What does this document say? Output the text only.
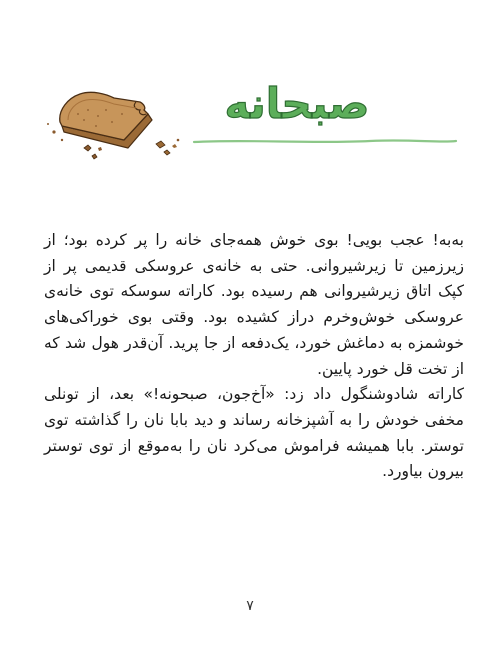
صبحانه

به‌به! عجب بویی! بوی خوش همه‌جای خانه را پر کرده بود؛ از زیرزمین تا زیرشیروانی. حتی به خانه‌ی عروسکی قدیمی پر از کپک اتاق زیرشیروانی هم رسیده بود. کاراته سوسکه توی خانه‌ی عروسکی خوش‌وخرم دراز کشیده بود. وقتی بوی خوراکی‌های خوشمزه به دماغش خورد، یک‌دفعه از جا پرید. آن‌قدر هول شد که از تخت قل خورد پایین.

کاراته شادوشنگول داد زد: «آخ‌جون، صبحونه!» بعد، از تونلی مخفی خودش را به آشپزخانه رساند و دید بابا نان را گذاشته توی توستر. بابا همیشه فراموش می‌کرد نان را به‌موقع از توی توستر بیرون بیاورد.

۷
